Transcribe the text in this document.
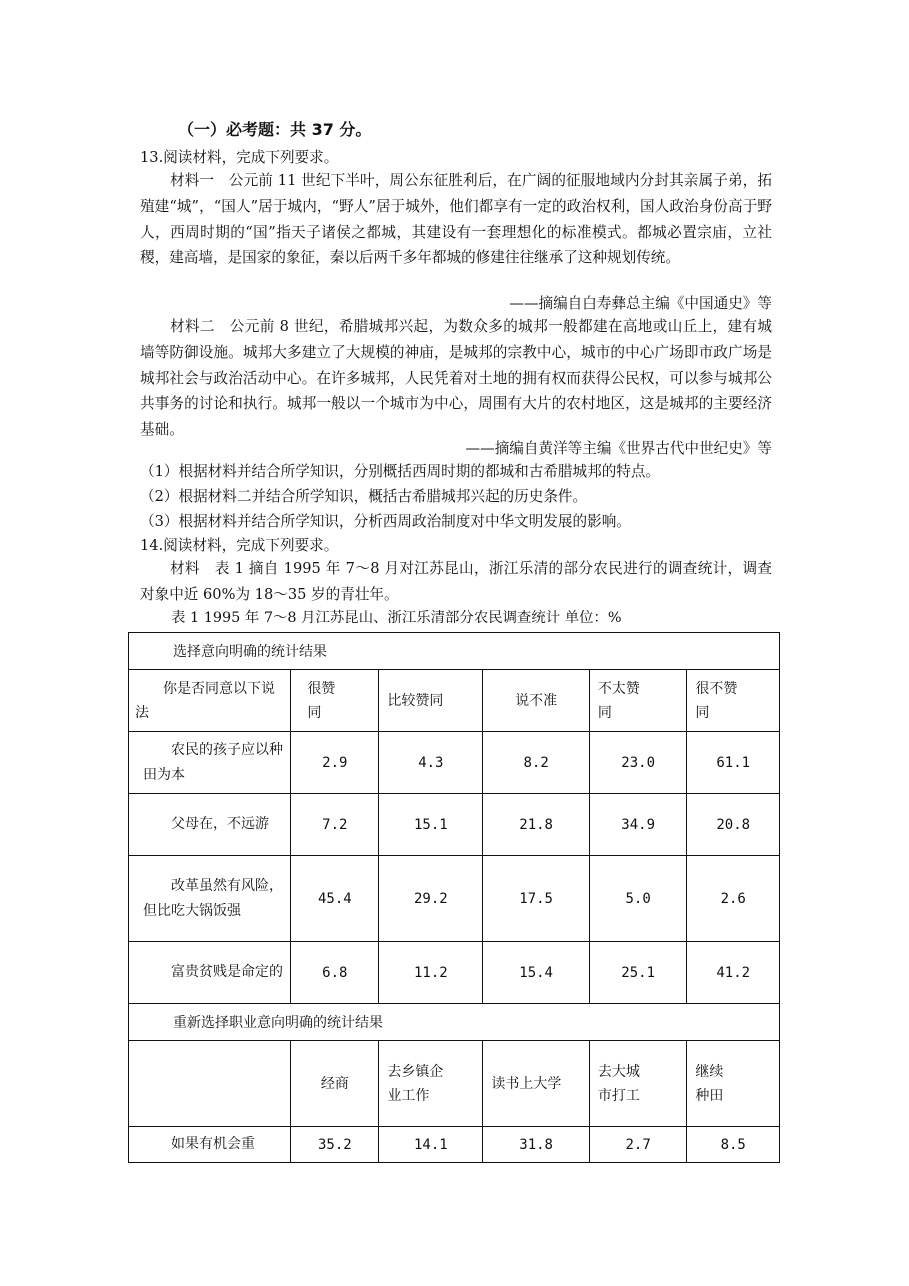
（一）必考题：共 37 分。
13.阅读材料，完成下列要求。
材料一　公元前 11 世纪下半叶，周公东征胜利后，在广阔的征服地域内分封其亲属子弟，拓殖建“城”，“国人”居于城内，“野人”居于城外，他们都享有一定的政治权利，国人政治身份高于野人，西周时期的“国”指天子诸侯之都城，其建设有一套理想化的标准模式。都城必置宗庙，立社稷，建高墙，是国家的象征，秦以后两千多年都城的修建往往继承了这种规划传统。
——摘编自白寿彝总主编《中国通史》等
材料二　公元前 8 世纪，希腊城邦兴起，为数众多的城邦一般都建在高地或山丘上，建有城墙等防御设施。城邦大多建立了大规模的神庙，是城邦的宗教中心，城市的中心广场即市政广场是城邦社会与政治活动中心。在许多城邦，人民凭着对土地的拥有权而获得公民权，可以参与城邦公共事务的讨论和执行。城邦一般以一个城市为中心，周围有大片的农村地区，这是城邦的主要经济基础。
——摘编自黄洋等主编《世界古代中世纪史》等
（1）根据材料并结合所学知识，分别概括西周时期的都城和古希腊城邦的特点。
（2）根据材料二并结合所学知识，概括古希腊城邦兴起的历史条件。
（3）根据材料并结合所学知识，分析西周政治制度对中华文明发展的影响。
14.阅读材料，完成下列要求。
材料　表 1 摘自 1995 年 7～8 月对江苏昆山，浙江乐清的部分农民进行的调查统计，调查对象中近 60%为 18～35 岁的青壮年。
表 1 1995 年 7～8 月江苏昆山、浙江乐清部分农民调查统计 单位：%
选择意向明确的统计结果					

你是否同意以下说法	很赞同	比较赞同	说不准	不太赞同	很不赞同

农民的孩子应以种田为本	2.9	4.3	8.2	23.0	61.1

父母在，不远游	7.2	15.1	21.8	34.9	20.8

改革虽然有风险，但比吃大锅饭强	45.4	29.2	17.5	5.0	2.6

富贵贫贱是命定的	6.8	11.2	15.4	25.1	41.2
重新选择职业意向明确的统计结果					
	经商	去乡镇企业工作	读书上大学	去大城市打工	继续种田

如果有机会重	35.2	14.1	31.8	2.7	8.5
